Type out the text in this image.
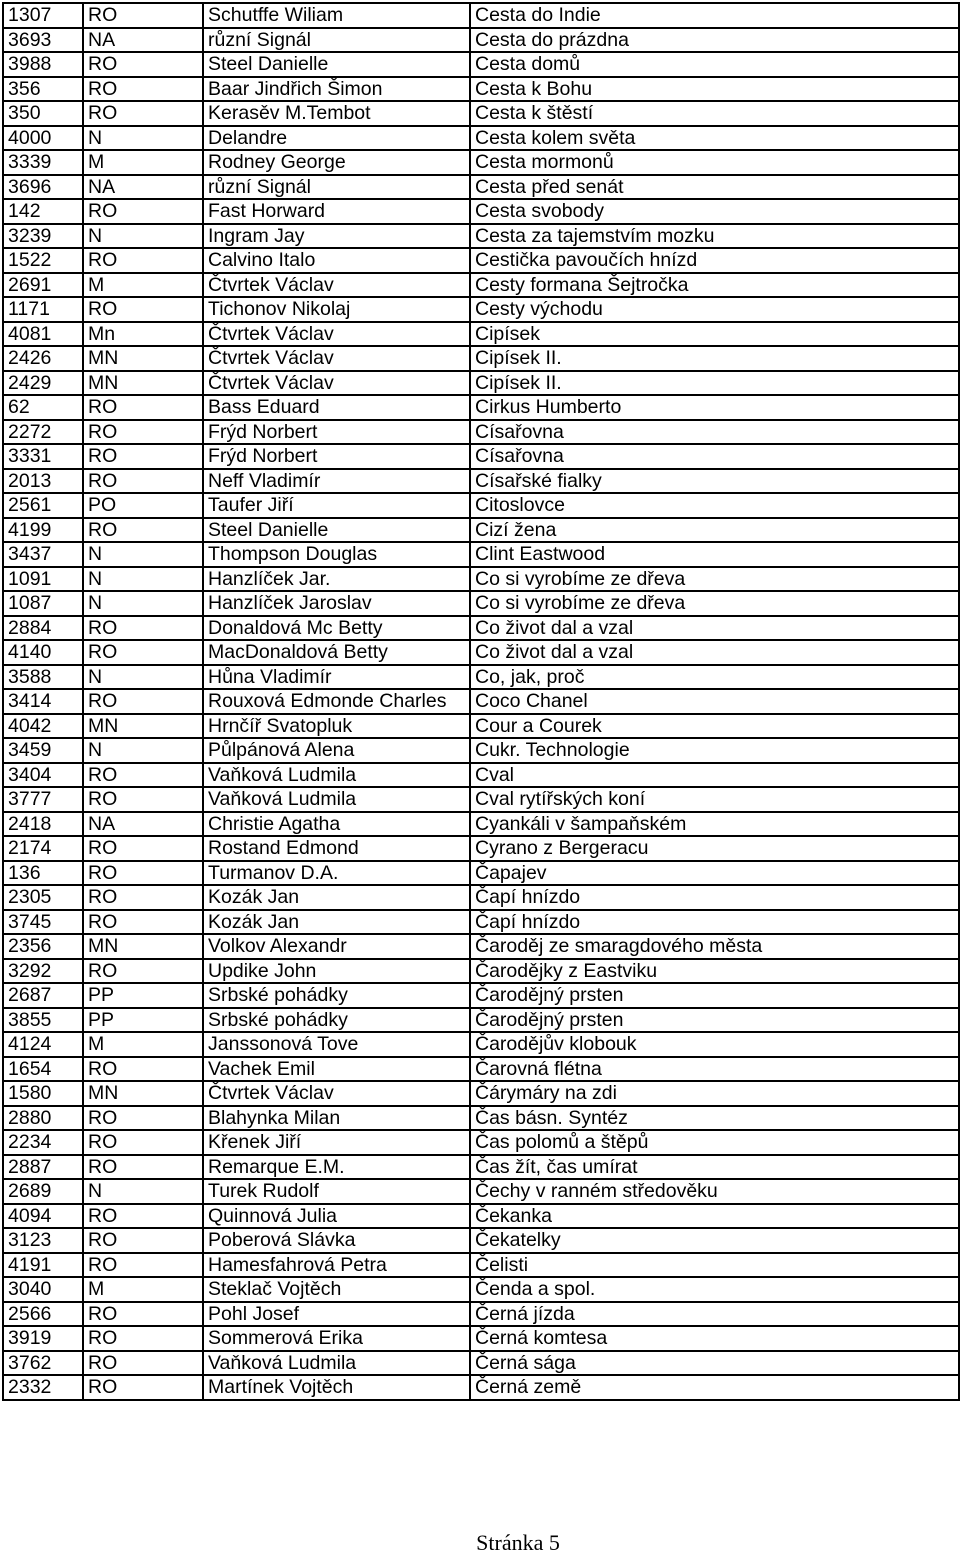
1307	RO	Schutffe Wiliam	Cesta do Indie
3693	NA	různí Signál	Cesta do prázdna
3988	RO	Steel Danielle	Cesta domů
356	RO	Baar Jindřich Šimon	Cesta k Bohu
350	RO	Kerasěv M.Tembot	Cesta k štěstí
4000	N	Delandre	Cesta kolem světa
3339	M	Rodney George	Cesta mormonů
3696	NA	různí Signál	Cesta před senát
142	RO	Fast Horward	Cesta svobody
3239	N	Ingram Jay	Cesta za tajemstvím mozku
1522	RO	Calvino Italo	Cestička pavoučích hnízd
2691	M	Čtvrtek Václav	Cesty formana Šejtročka
1171	RO	Tichonov Nikolaj	Cesty východu
4081	Mn	Čtvrtek Václav	Cipísek
2426	MN	Čtvrtek Václav	Cipísek II.
2429	MN	Čtvrtek Václav	Cipísek II.
62	RO	Bass Eduard	Cirkus Humberto
2272	RO	Frýd Norbert	Císařovna
3331	RO	Frýd Norbert	Císařovna
2013	RO	Neff Vladimír	Císařské fialky
2561	PO	Taufer Jiří	Citoslovce
4199	RO	Steel Danielle	Cizí žena
3437	N	Thompson Douglas	Clint Eastwood
1091	N	Hanzlíček Jar.	Co si vyrobíme ze dřeva
1087	N	Hanzlíček Jaroslav	Co si vyrobíme ze dřeva
2884	RO	Donaldová Mc Betty	Co život dal a vzal
4140	RO	MacDonaldová Betty	Co život dal a vzal
3588	N	Hůna Vladimír	Co, jak, proč
3414	RO	Rouxová Edmonde Charles	Coco Chanel
4042	MN	Hrnčíř Svatopluk	Cour a Courek
3459	N	Půlpánová Alena	Cukr. Technologie
3404	RO	Vaňková Ludmila	Cval
3777	RO	Vaňková Ludmila	Cval rytířských koní
2418	NA	Christie Agatha	Cyankáli v šampaňském
2174	RO	Rostand Edmond	Cyrano z Bergeracu
136	RO	Turmanov D.A.	Čapajev
2305	RO	Kozák Jan	Čapí hnízdo
3745	RO	Kozák Jan	Čapí hnízdo
2356	MN	Volkov Alexandr	Čaroděj ze smaragdového města
3292	RO	Updike John	Čarodějky z Eastviku
2687	PP	Srbské pohádky	Čarodějný prsten
3855	PP	Srbské pohádky	Čarodějný prsten
4124	M	Janssonová Tove	Čarodějův klobouk
1654	RO	Vachek Emil	Čarovná flétna
1580	MN	Čtvrtek Václav	Čárymáry na zdi
2880	RO	Blahynka Milan	Čas básn. Syntéz
2234	RO	Křenek Jiří	Čas polomů a štěpů
2887	RO	Remarque E.M.	Čas žít, čas umírat
2689	N	Turek Rudolf	Čechy v ranném středověku
4094	RO	Quinnová Julia	Čekanka
3123	RO	Poberová Slávka	Čekatelky
4191	RO	Hamesfahrová Petra	Čelisti
3040	M	Steklač Vojtěch	Čenda a spol.
2566	RO	Pohl Josef	Černá jízda
3919	RO	Sommerová Erika	Černá komtesa
3762	RO	Vaňková Ludmila	Černá sága
2332	RO	Martínek Vojtěch	Černá země
Stránka 5
